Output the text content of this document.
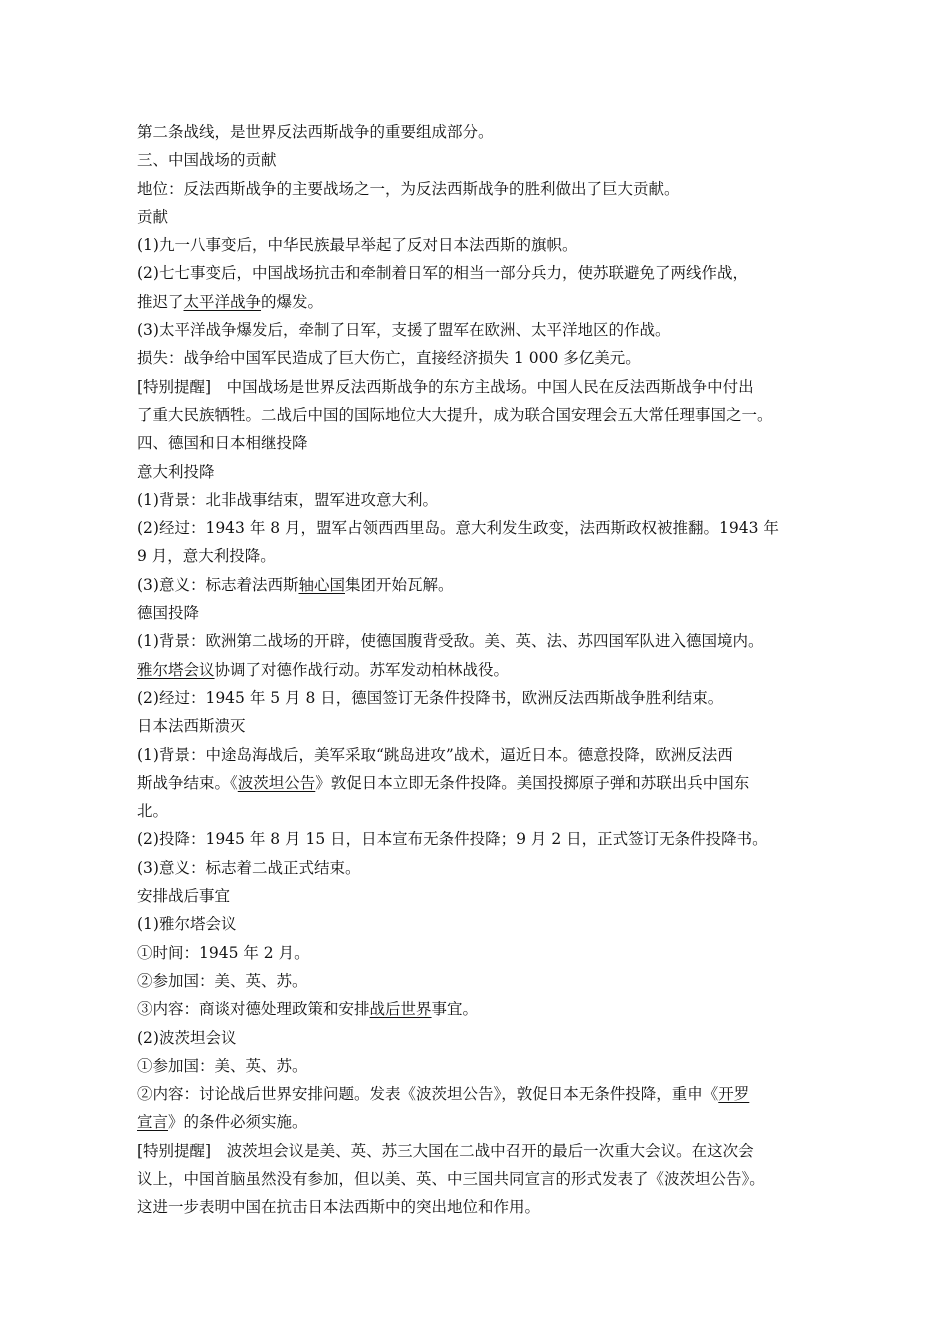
第二条战线，是世界反法西斯战争的重要组成部分。
三、中国战场的贡献
地位：反法西斯战争的主要战场之一，为反法西斯战争的胜利做出了巨大贡献。
贡献
(1)九一八事变后，中华民族最早举起了反对日本法西斯的旗帜。
(2)七七事变后，中国战场抗击和牵制着日军的相当一部分兵力，使苏联避免了两线作战，
推迟了太平洋战争的爆发。
(3)太平洋战争爆发后，牵制了日军，支援了盟军在欧洲、太平洋地区的作战。
损失：战争给中国军民造成了巨大伤亡，直接经济损失 1 000 多亿美元。
[特别提醒]　中国战场是世界反法西斯战争的东方主战场。中国人民在反法西斯战争中付出
了重大民族牺牲。二战后中国的国际地位大大提升，成为联合国安理会五大常任理事国之一。
四、德国和日本相继投降
意大利投降
(1)背景：北非战事结束，盟军进攻意大利。
(2)经过：1943 年 8 月，盟军占领西西里岛。意大利发生政变，法西斯政权被推翻。1943 年
9 月，意大利投降。
(3)意义：标志着法西斯轴心国集团开始瓦解。
德国投降
(1)背景：欧洲第二战场的开辟，使德国腹背受敌。美、英、法、苏四国军队进入德国境内。
雅尔塔会议协调了对德作战行动。苏军发动柏林战役。
(2)经过：1945 年 5 月 8 日，德国签订无条件投降书，欧洲反法西斯战争胜利结束。
日本法西斯溃灭
(1)背景：中途岛海战后，美军采取“跳岛进攻”战术，逼近日本。德意投降，欧洲反法西
斯战争结束。《波茨坦公告》敦促日本立即无条件投降。美国投掷原子弹和苏联出兵中国东
北。
(2)投降：1945 年 8 月 15 日，日本宣布无条件投降；9 月 2 日，正式签订无条件投降书。
(3)意义：标志着二战正式结束。
安排战后事宜
(1)雅尔塔会议
①时间：1945 年 2 月。
②参加国：美、英、苏。
③内容：商谈对德处理政策和安排战后世界事宜。
(2)波茨坦会议
①参加国：美、英、苏。
②内容：讨论战后世界安排问题。发表《波茨坦公告》，敦促日本无条件投降，重申《开罗
宣言》的条件必须实施。
[特别提醒]　波茨坦会议是美、英、苏三大国在二战中召开的最后一次重大会议。在这次会
议上，中国首脑虽然没有参加，但以美、英、中三国共同宣言的形式发表了《波茨坦公告》。
这进一步表明中国在抗击日本法西斯中的突出地位和作用。
